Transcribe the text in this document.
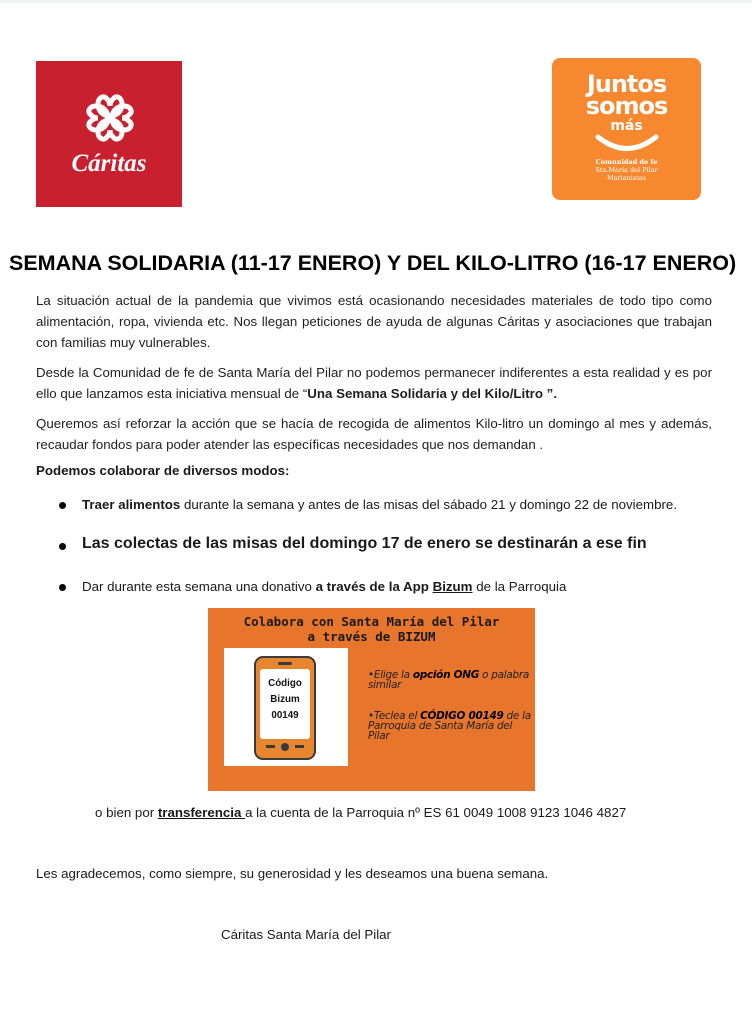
Cáritas
Juntos
somos
más
Comunidad de fe
Sta.María del Pilar
Marianistas
SEMANA SOLIDARIA (11-17 ENERO) Y DEL KILO-LITRO (16-17 ENERO)
La situación actual de la pandemia que vivimos está ocasionando necesidades materiales de todo tipo como alimentación, ropa, vivienda etc. Nos llegan peticiones de ayuda de algunas Cáritas y asociaciones que trabajan con familias muy vulnerables.
Desde la Comunidad de fe de Santa María del Pilar no podemos permanecer indiferentes a esta realidad y es por ello que lanzamos esta iniciativa mensual de “Una Semana Solidaria y del Kilo/Litro ”.
Queremos así reforzar la acción que se hacía de recogida de alimentos Kilo-litro un domingo al mes y además, recaudar fondos para poder atender las específicas necesidades que nos demandan .
Podemos colaborar de diversos modos:
Traer alimentos durante la semana y antes de las misas del sábado 21 y domingo 22 de noviembre.
Las colectas de las misas del domingo 17 de enero se destinarán a ese fin
Dar durante esta semana una donativo a través de la App Bizum de la Parroquia
Colabora con Santa María del Pilar
a través de BIZUM
Código
Bizum
00149
•Elige la opción ONG o palabra similar
•Teclea el CÓDIGO 00149 de la Parroquia de Santa María del Pilar
o bien por transferencia a la cuenta de la Parroquia nº ES 61 0049 1008 9123 1046 4827
Les agradecemos, como siempre, su generosidad y les deseamos una buena semana.
Cáritas Santa María del Pilar
